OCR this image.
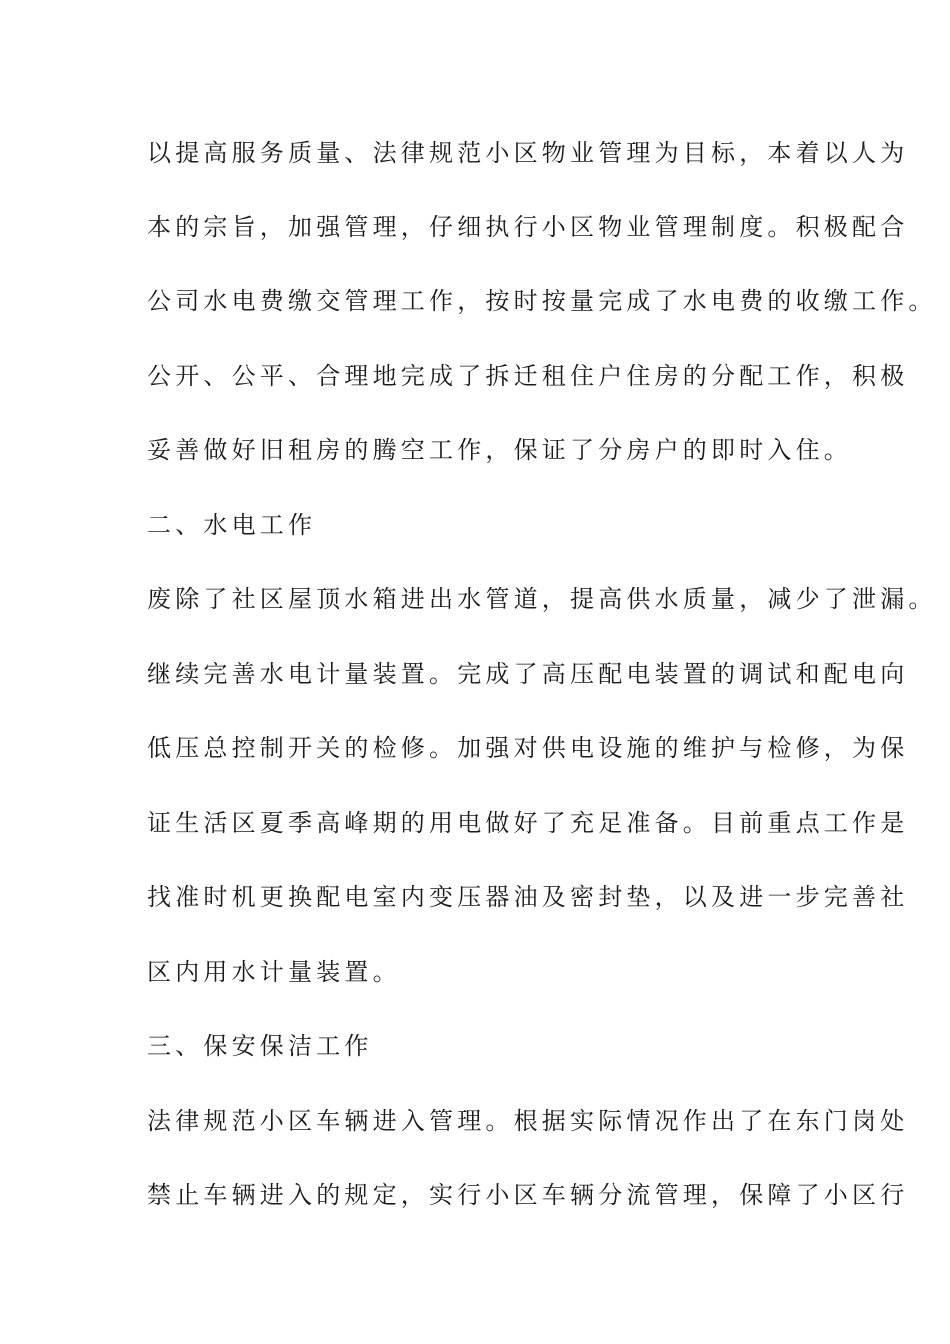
以提高服务质量、法律规范小区物业管理为目标，本着以人为

本的宗旨，加强管理，仔细执行小区物业管理制度。积极配合

公司水电费缴交管理工作，按时按量完成了水电费的收缴工作。

公开、公平、合理地完成了拆迁租住户住房的分配工作，积极

妥善做好旧租房的腾空工作，保证了分房户的即时入住。

二、水电工作

废除了社区屋顶水箱进出水管道，提高供水质量，减少了泄漏。

继续完善水电计量装置。完成了高压配电装置的调试和配电向

低压总控制开关的检修。加强对供电设施的维护与检修，为保

证生活区夏季高峰期的用电做好了充足准备。目前重点工作是

找准时机更换配电室内变压器油及密封垫，以及进一步完善社

区内用水计量装置。

三、保安保洁工作

法律规范小区车辆进入管理。根据实际情况作出了在东门岗处

禁止车辆进入的规定，实行小区车辆分流管理，保障了小区行
